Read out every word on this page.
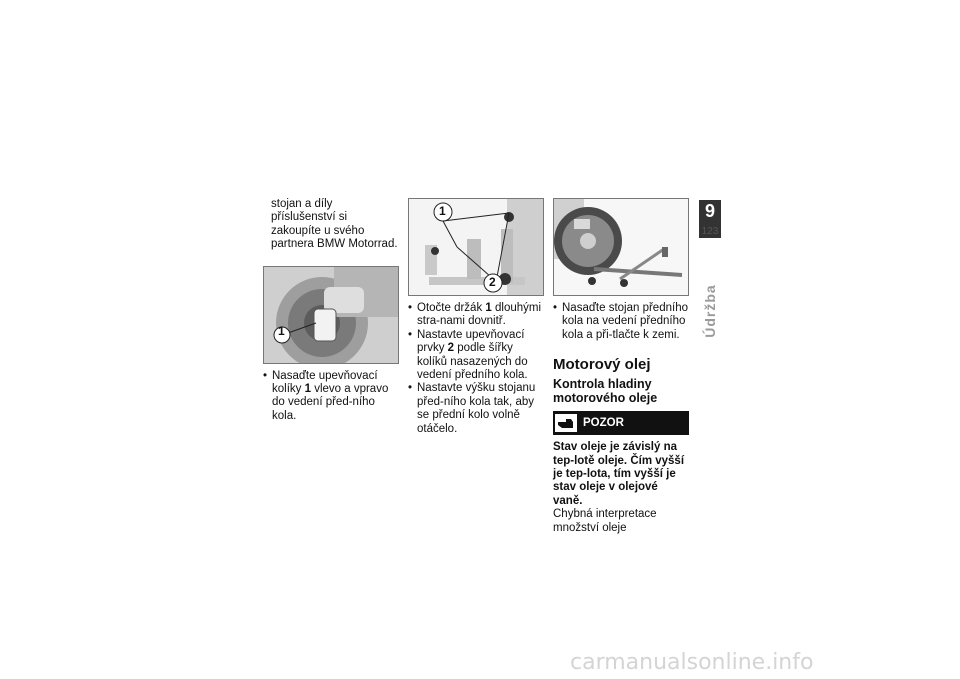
stojan a díly příslušenství si zakoupíte u svého partnera BMW Motorrad.

1
• Nasaďte upevňovací kolíky 1 vlevo a vpravo do vedení před-ního kola.
1
2
• Otočte držák 1 dlouhými stra-nami dovnitř.
• Nastavte upevňovací prvky 2 podle šířky kolíků nasazených do vedení předního kola.
• Nastavte výšku stojanu před-ního kola tak, aby se přední kolo volně otáčelo.
• Nasaďte stojan předního kola na vedení předního kola a při-tlačte k zemi.
Motorový olej
Kontrola hladiny motorového oleje
POZOR
Stav oleje je závislý na tep-lotě oleje. Čím vyšší je tep-lota, tím vyšší je stav oleje v olejové vaně.
Chybná interpretace množství oleje
9
123
Údržba
carmanualsonline.info
